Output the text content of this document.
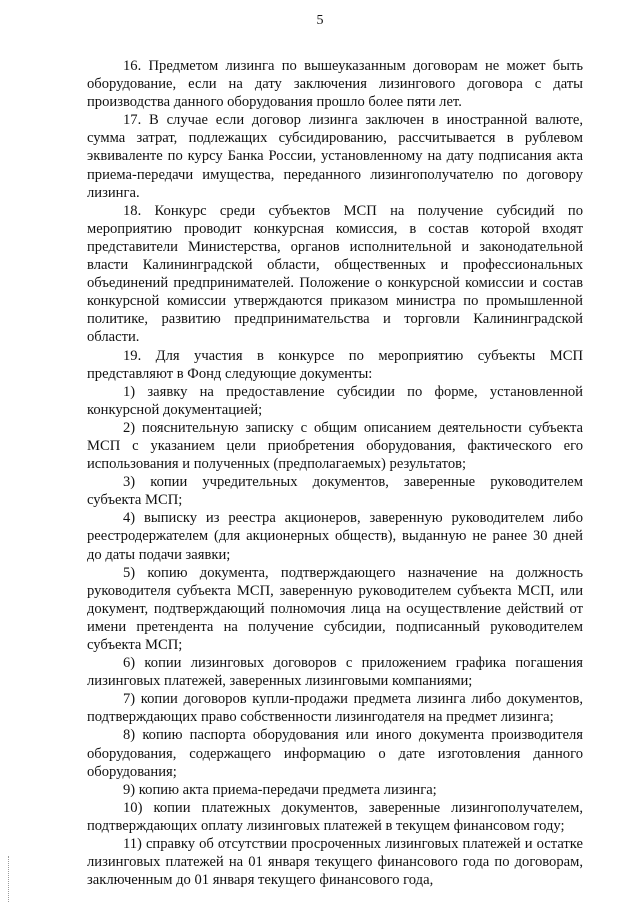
5

16. Предметом лизинга по вышеуказанным договорам не может быть оборудование, если на дату заключения лизингового договора с даты производства данного оборудования прошло более пяти лет.

17. В случае если договор лизинга заключен в иностранной валюте, сумма затрат, подлежащих субсидированию, рассчитывается в рублевом эквиваленте по курсу Банка России, установленному на дату подписания акта приема-передачи имущества, переданного лизингополучателю по договору лизинга.

18. Конкурс среди субъектов МСП на получение субсидий по мероприятию проводит конкурсная комиссия, в состав которой входят представители Министерства, органов исполнительной и законодательной власти Калининградской области, общественных и профессиональных объединений предпринимателей. Положение о конкурсной комиссии и состав конкурсной комиссии утверждаются приказом министра по промышленной политике, развитию предпринимательства и торговли Калининградской области.

19. Для участия в конкурсе по мероприятию субъекты МСП представляют в Фонд следующие документы:

1) заявку на предоставление субсидии по форме, установленной конкурсной документацией;

2) пояснительную записку с общим описанием деятельности субъекта МСП с указанием цели приобретения оборудования, фактического его использования и полученных (предполагаемых) результатов;

3) копии учредительных документов, заверенные руководителем субъекта МСП;

4) выписку из реестра акционеров, заверенную руководителем либо реестродержателем (для акционерных обществ), выданную не ранее 30 дней до даты подачи заявки;

5) копию документа, подтверждающего назначение на должность руководителя субъекта МСП, заверенную руководителем субъекта МСП, или документ, подтверждающий полномочия лица на осуществление действий от имени претендента на получение субсидии, подписанный руководителем субъекта МСП;

6) копии лизинговых договоров с приложением графика погашения лизинговых платежей, заверенных лизинговыми компаниями;

7) копии договоров купли-продажи предмета лизинга либо документов, подтверждающих право собственности лизингодателя на предмет лизинга;

8) копию паспорта оборудования или иного документа производителя оборудования, содержащего информацию о дате изготовления данного оборудования;

9) копию акта приема-передачи предмета лизинга;

10) копии платежных документов, заверенные лизингополучателем, подтверждающих оплату лизинговых платежей в текущем финансовом году;

11) справку об отсутствии просроченных лизинговых платежей и остатке лизинговых платежей на 01 января текущего финансового года по договорам, заключенным до 01 января текущего финансового года,
